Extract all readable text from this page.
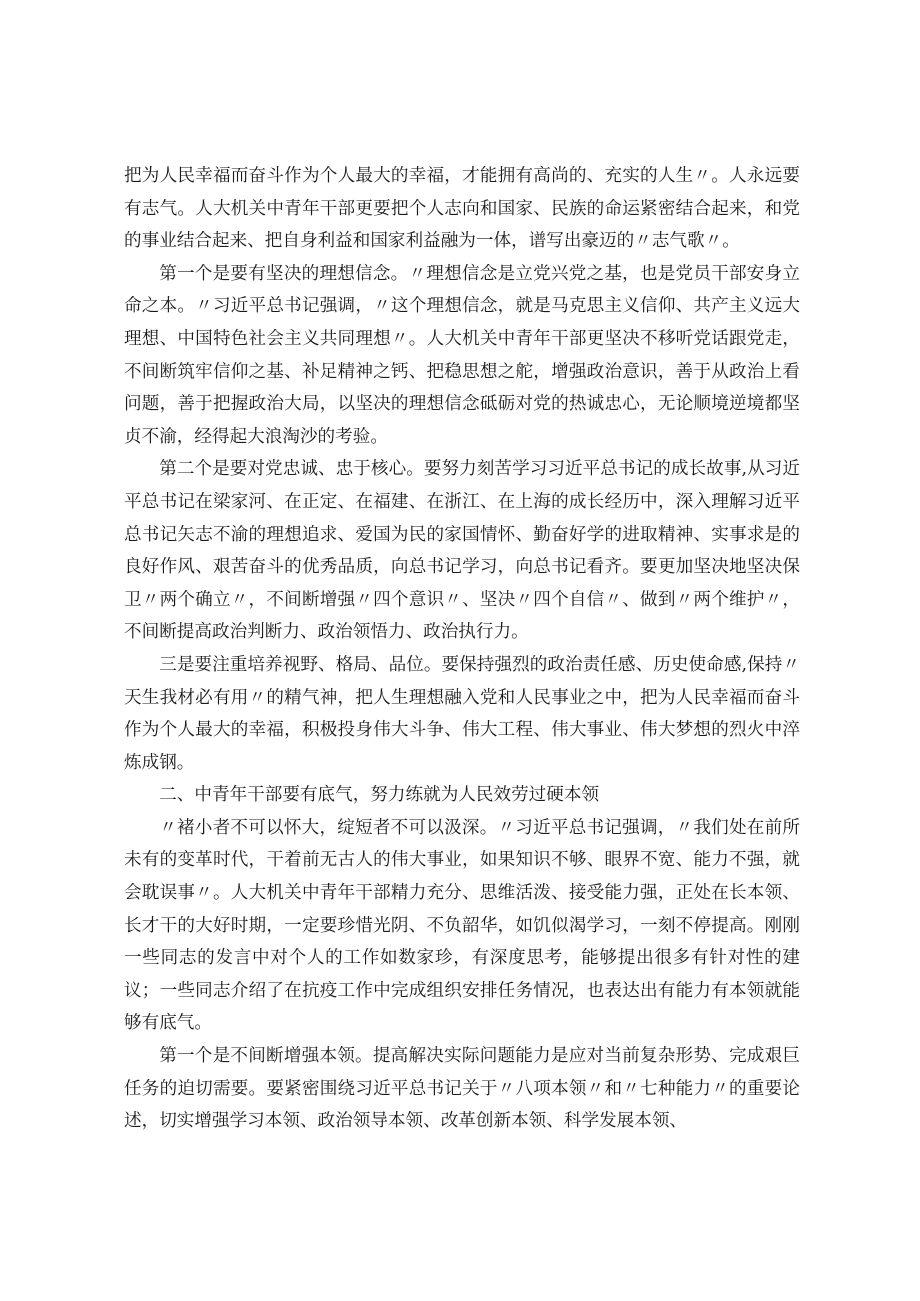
把为人民幸福而奋斗作为个人最大的幸福，才能拥有高尚的、充实的人生〃。人永远要有志气。人大机关中青年干部更要把个人志向和国家、民族的命运紧密结合起来，和党的事业结合起来、把自身利益和国家利益融为一体，谱写出豪迈的〃志气歌〃。

第一个是要有坚决的理想信念。〃理想信念是立党兴党之基，也是党员干部安身立命之本。〃习近平总书记强调，〃这个理想信念，就是马克思主义信仰、共产主义远大理想、中国特色社会主义共同理想〃。人大机关中青年干部更坚决不移听党话跟党走，不间断筑牢信仰之基、补足精神之钙、把稳思想之舵，增强政治意识，善于从政治上看问题，善于把握政治大局，以坚决的理想信念砥砺对党的热诚忠心，无论顺境逆境都坚贞不渝，经得起大浪淘沙的考验。

第二个是要对党忠诚、忠于核心。要努力刻苦学习习近平总书记的成长故事,从习近平总书记在梁家河、在正定、在福建、在浙江、在上海的成长经历中，深入理解习近平总书记矢志不渝的理想追求、爱国为民的家国情怀、勤奋好学的进取精神、实事求是的良好作风、艰苦奋斗的优秀品质，向总书记学习，向总书记看齐。要更加坚决地坚决保卫〃两个确立〃，不间断增强〃四个意识〃、坚决〃四个自信〃、做到〃两个维护〃，不间断提高政治判断力、政治领悟力、政治执行力。

三是要注重培养视野、格局、品位。要保持强烈的政治责任感、历史使命感,保持〃天生我材必有用〃的精气神，把人生理想融入党和人民事业之中，把为人民幸福而奋斗作为个人最大的幸福，积极投身伟大斗争、伟大工程、伟大事业、伟大梦想的烈火中淬炼成钢。

二、中青年干部要有底气，努力练就为人民效劳过硬本领

〃褚小者不可以怀大，绽短者不可以汲深。〃习近平总书记强调，〃我们处在前所未有的变革时代，干着前无古人的伟大事业，如果知识不够、眼界不宽、能力不强，就会耽误事〃。人大机关中青年干部精力充分、思维活泼、接受能力强，正处在长本领、长才干的大好时期，一定要珍惜光阴、不负韶华，如饥似渴学习，一刻不停提高。刚刚一些同志的发言中对个人的工作如数家珍，有深度思考，能够提出很多有针对性的建议；一些同志介绍了在抗疫工作中完成组织安排任务情况，也表达出有能力有本领就能够有底气。

第一个是不间断增强本领。提高解决实际问题能力是应对当前复杂形势、完成艰巨任务的迫切需要。要紧密围绕习近平总书记关于〃八项本领〃和〃七种能力〃的重要论述，切实增强学习本领、政治领导本领、改革创新本领、科学发展本领、
